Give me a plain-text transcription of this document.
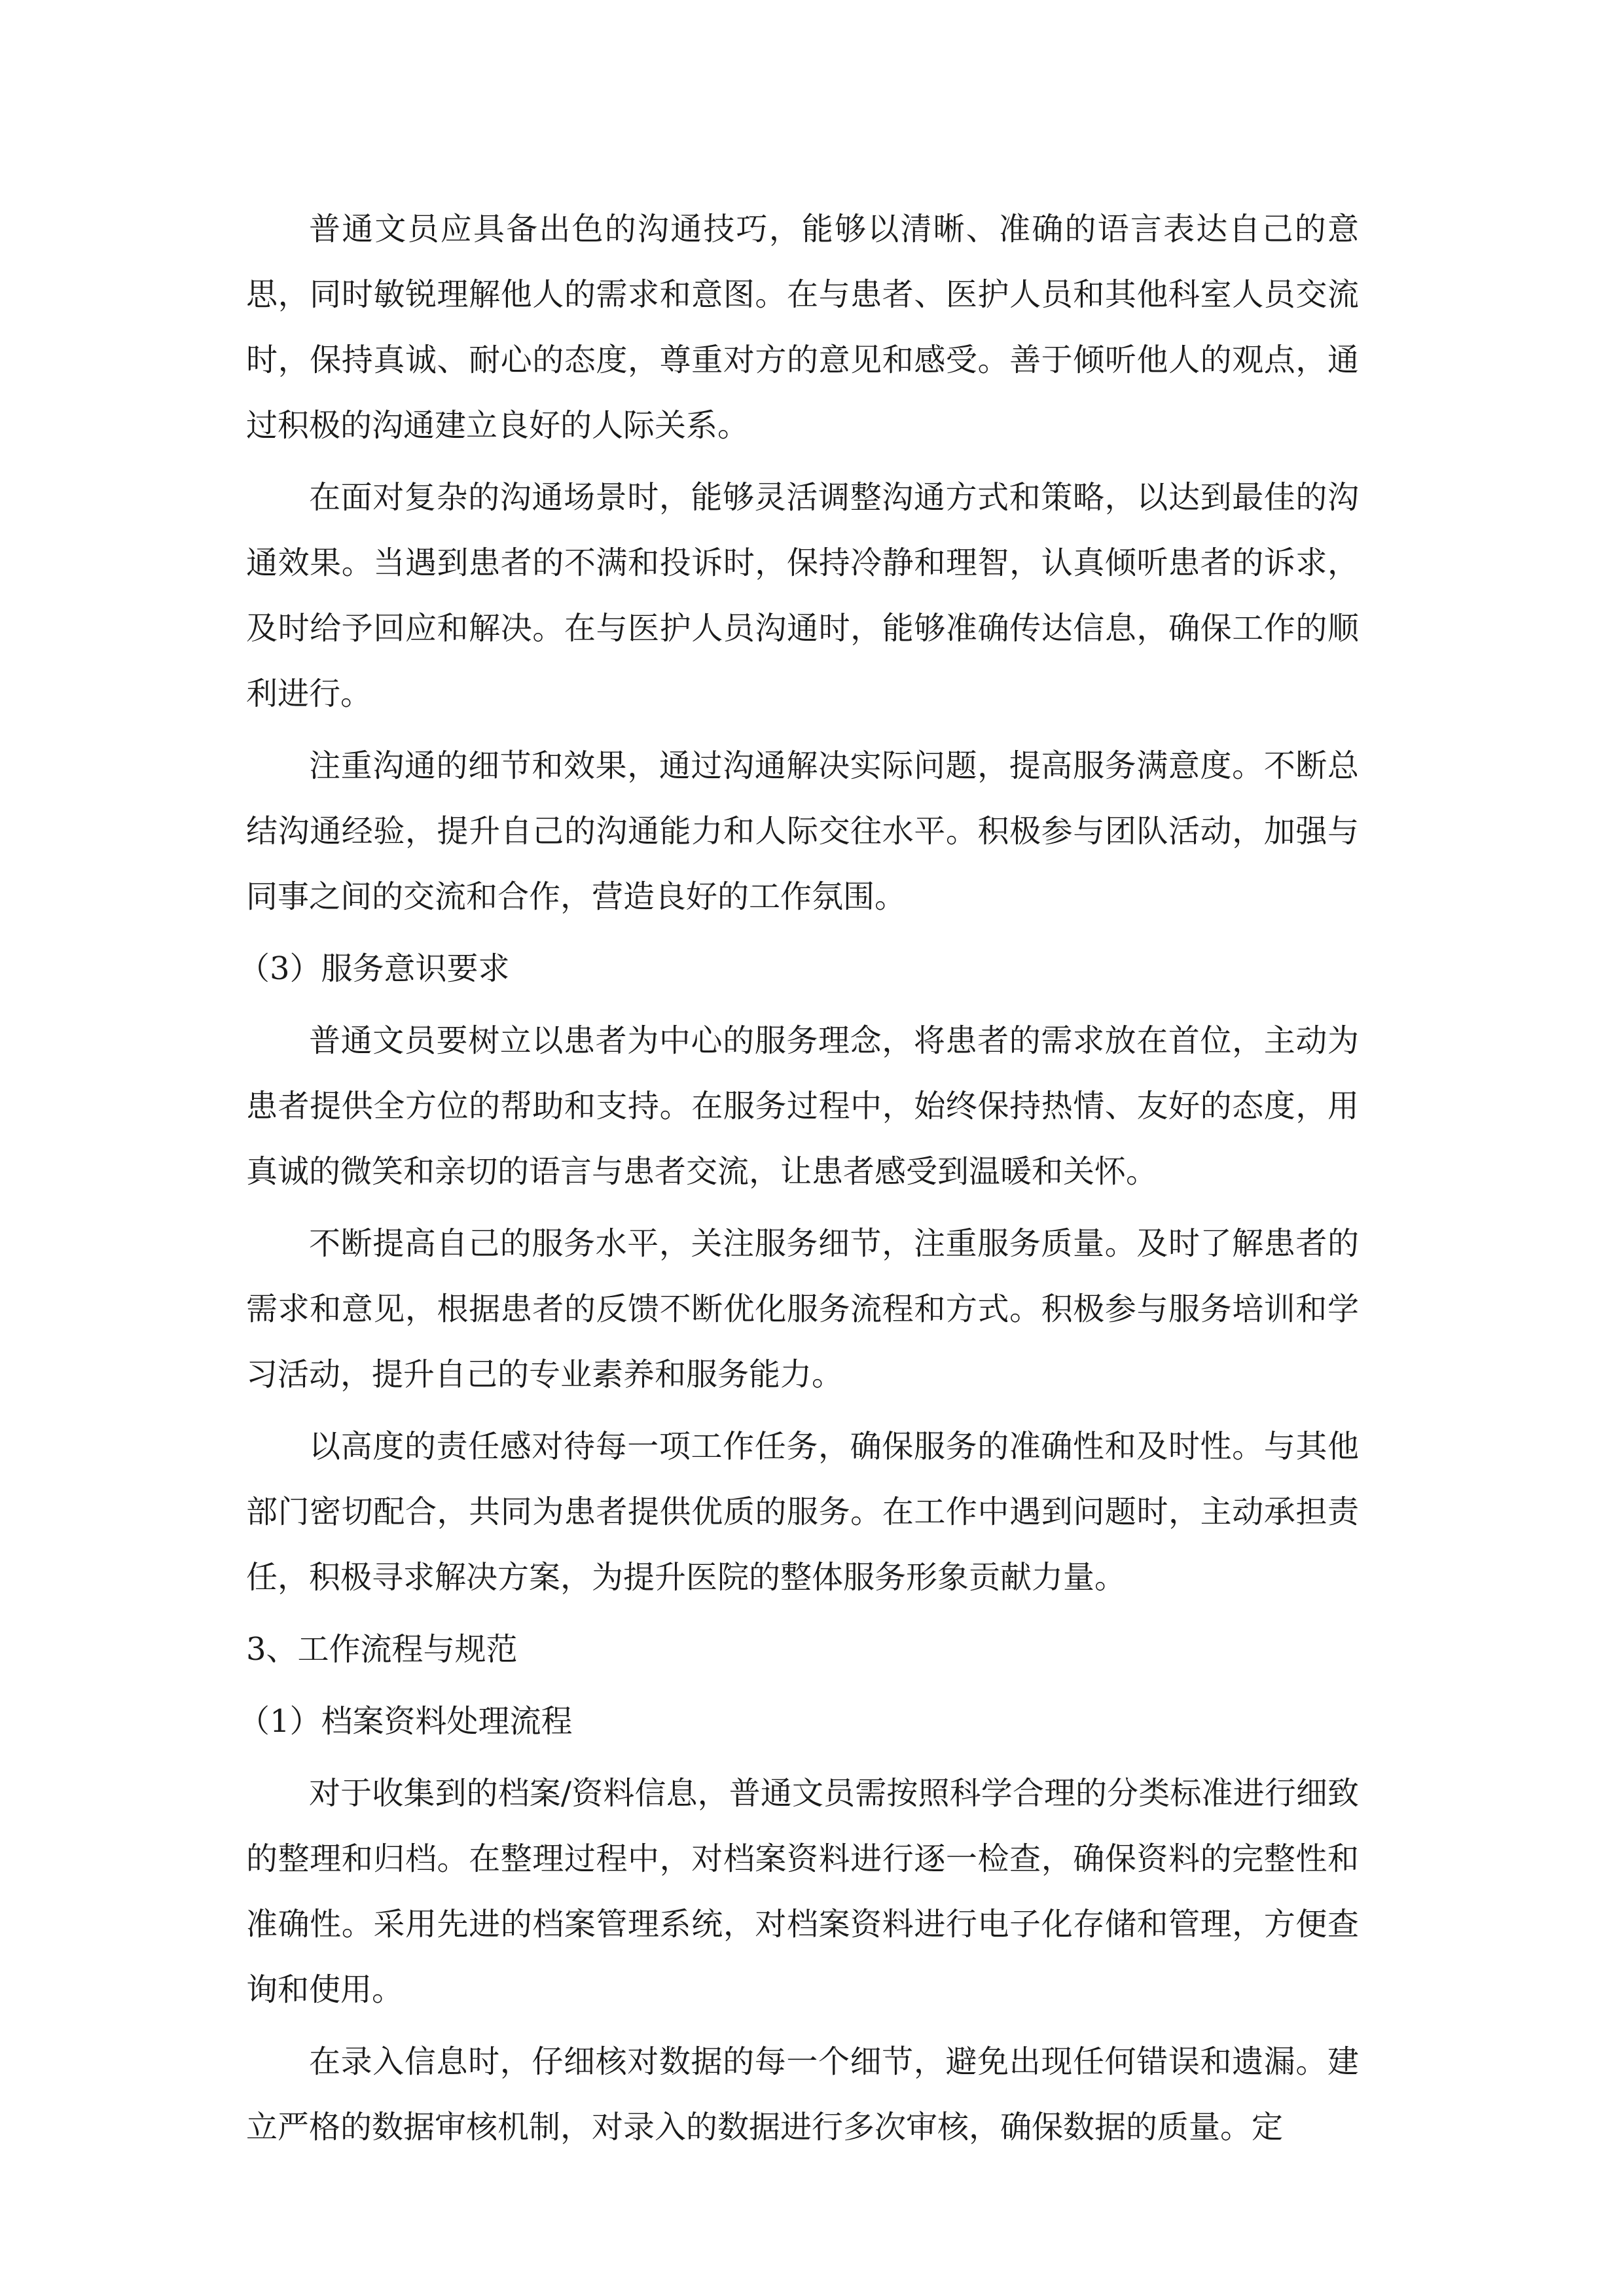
普通文员应具备出色的沟通技巧，能够以清晰、准确的语言表达自己的意思，同时敏锐理解他人的需求和意图。在与患者、医护人员和其他科室人员交流时，保持真诚、耐心的态度，尊重对方的意见和感受。善于倾听他人的观点，通过积极的沟通建立良好的人际关系。

在面对复杂的沟通场景时，能够灵活调整沟通方式和策略，以达到最佳的沟通效果。当遇到患者的不满和投诉时，保持冷静和理智，认真倾听患者的诉求，及时给予回应和解决。在与医护人员沟通时，能够准确传达信息，确保工作的顺利进行。

注重沟通的细节和效果，通过沟通解决实际问题，提高服务满意度。不断总结沟通经验，提升自己的沟通能力和人际交往水平。积极参与团队活动，加强与同事之间的交流和合作，营造良好的工作氛围。

（3）服务意识要求

普通文员要树立以患者为中心的服务理念，将患者的需求放在首位，主动为患者提供全方位的帮助和支持。在服务过程中，始终保持热情、友好的态度，用真诚的微笑和亲切的语言与患者交流，让患者感受到温暖和关怀。

不断提高自己的服务水平，关注服务细节，注重服务质量。及时了解患者的需求和意见，根据患者的反馈不断优化服务流程和方式。积极参与服务培训和学习活动，提升自己的专业素养和服务能力。

以高度的责任感对待每一项工作任务，确保服务的准确性和及时性。与其他部门密切配合，共同为患者提供优质的服务。在工作中遇到问题时，主动承担责任，积极寻求解决方案，为提升医院的整体服务形象贡献力量。

3、工作流程与规范

（1）档案资料处理流程

对于收集到的档案/资料信息，普通文员需按照科学合理的分类标准进行细致的整理和归档。在整理过程中，对档案资料进行逐一检查，确保资料的完整性和准确性。采用先进的档案管理系统，对档案资料进行电子化存储和管理，方便查询和使用。

在录入信息时，仔细核对数据的每一个细节，避免出现任何错误和遗漏。建立严格的数据审核机制，对录入的数据进行多次审核，确保数据的质量。定
